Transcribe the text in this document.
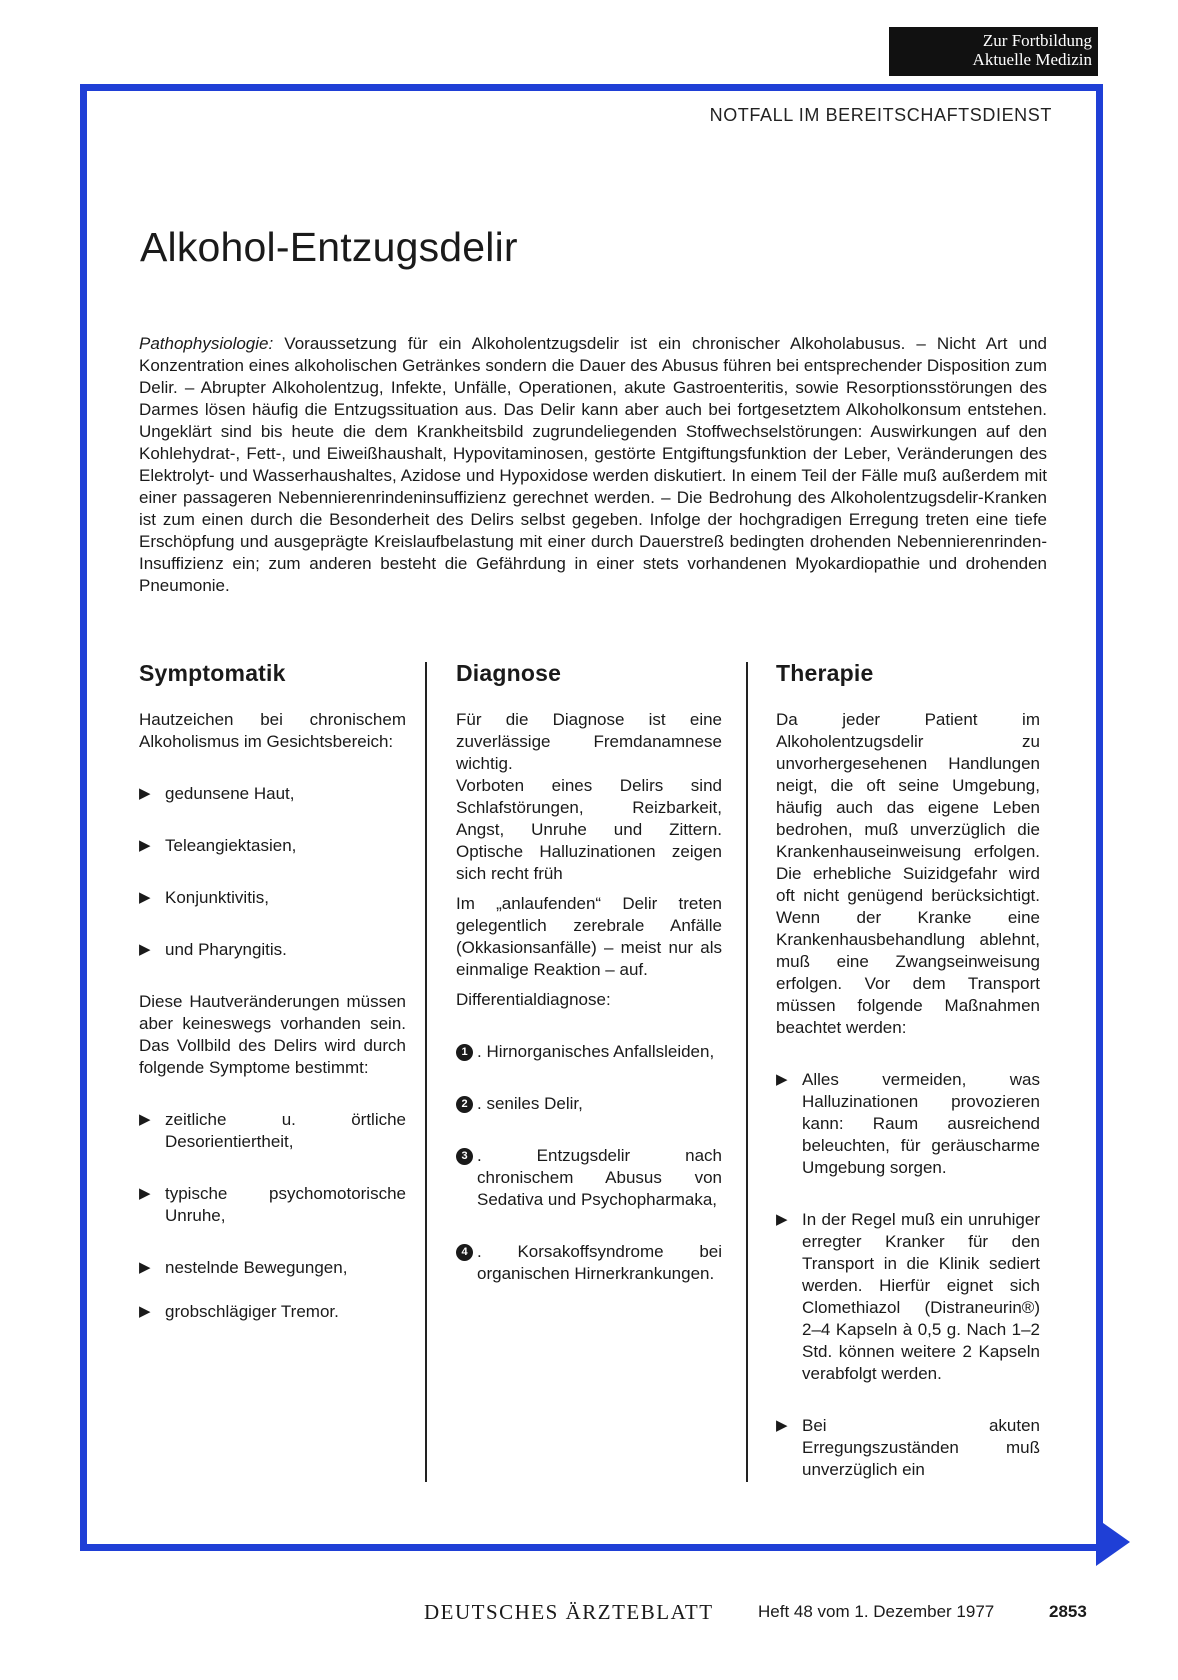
Zur Fortbildung
Aktuelle Medizin
NOTFALL IM BEREITSCHAFTSDIENST
Alkohol-Entzugsdelir

Pathophysiologie: Voraussetzung für ein Alkoholentzugsdelir ist ein chronischer Alkoholabusus. – Nicht Art und Konzentration eines alkoholischen Getränkes sondern die Dauer des Abusus führen bei entsprechender Disposition zum Delir. – Abrupter Alkoholentzug, Infekte, Unfälle, Operationen, akute Gastroenteritis, sowie Resorptionsstörungen des Darmes lösen häufig die Entzugssituation aus. Das Delir kann aber auch bei fortgesetztem Alkoholkonsum entstehen. Ungeklärt sind bis heute die dem Krankheitsbild zugrundeliegenden Stoffwechselstörungen: Auswirkungen auf den Kohlehydrat-, Fett-, und Eiweißhaushalt, Hypovitaminosen, gestörte Entgiftungsfunktion der Leber, Veränderungen des Elektrolyt- und Wasserhaushaltes, Azidose und Hypoxidose werden diskutiert. In einem Teil der Fälle muß außerdem mit einer passageren Nebennierenrindeninsuffizienz gerechnet werden. – Die Bedrohung des Alkoholentzugsdelir-Kranken ist zum einen durch die Besonderheit des Delirs selbst gegeben. Infolge der hochgradigen Erregung treten eine tiefe Erschöpfung und ausgeprägte Kreislaufbelastung mit einer durch Dauerstreß bedingten drohenden Nebennierenrinden-Insuffizienz ein; zum anderen besteht die Gefährdung in einer stets vorhandenen Myokardiopathie und drohenden Pneumonie.

Symptomatik

Hautzeichen bei chronischem Alkoholismus im Gesichtsbereich:

▶ gedunsene Haut,
▶ Teleangiektasien,
▶ Konjunktivitis,
▶ und Pharyngitis.

Diese Hautveränderungen müssen aber keineswegs vorhanden sein. Das Vollbild des Delirs wird durch folgende Symptome bestimmt:

▶ zeitliche u. örtliche Desorientiertheit,
▶ typische psychomotorische Unruhe,
▶ nestelnde Bewegungen,
▶ grobschlägiger Tremor.
Diagnose

Für die Diagnose ist eine zuverlässige Fremdanamnese wichtig.

Vorboten eines Delirs sind Schlafstörungen, Reizbarkeit, Angst, Unruhe und Zittern. Optische Halluzinationen zeigen sich recht früh

Im „anlaufenden“ Delir treten gelegentlich zerebrale Anfälle (Okkasionsanfälle) – meist nur als einmalige Reaktion – auf.

Differentialdiagnose:

1 . Hirnorganisches Anfallsleiden,
2 . seniles Delir,
3 . Entzugsdelir nach chronischem Abusus von Sedativa und Psychopharmaka,
4 . Korsakoffsyndrome bei organischen Hirnerkrankungen.
Therapie

Da jeder Patient im Alkoholentzugsdelir zu unvorhergesehenen Handlungen neigt, die oft seine Umgebung, häufig auch das eigene Leben bedrohen, muß unverzüglich die Krankenhauseinweisung erfolgen. Die erhebliche Suizidgefahr wird oft nicht genügend berücksichtigt. Wenn der Kranke eine Krankenhausbehandlung ablehnt, muß eine Zwangseinweisung erfolgen. Vor dem Transport müssen folgende Maßnahmen beachtet werden:

▶ Alles vermeiden, was Halluzinationen provozieren kann: Raum ausreichend beleuchten, für geräuscharme Umgebung sorgen.
▶ In der Regel muß ein unruhiger erregter Kranker für den Transport in die Klinik sediert werden. Hierfür eignet sich Clomethiazol (Distraneurin®) 2–4 Kapseln à 0,5 g. Nach 1–2 Std. können weitere 2 Kapseln verabfolgt werden.
▶ Bei akuten Erregungszuständen muß unverzüglich ein
DEUTSCHES ÄRZTEBLATT	Heft 48 vom 1. Dezember 1977	2853
